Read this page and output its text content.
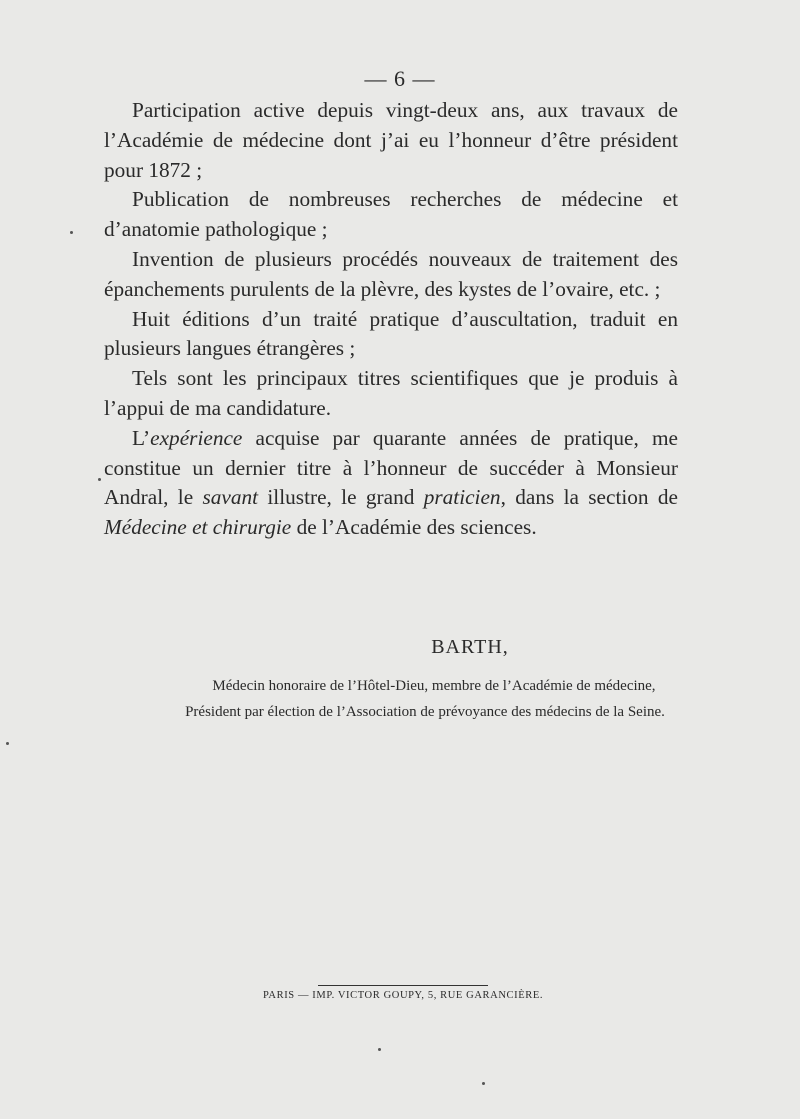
— 6 —

Participation active depuis vingt-deux ans, aux travaux de l’Académie de médecine dont j’ai eu l’honneur d’être président pour 1872 ;

Publication de nombreuses recherches de médecine et d’anatomie pathologique ;

Invention de plusieurs procédés nouveaux de traitement des épanchements purulents de la plèvre, des kystes de l’ovaire, etc. ;

Huit éditions d’un traité pratique d’auscultation, traduit en plusieurs langues étrangères ;

Tels sont les principaux titres scientifiques que je produis à l’appui de ma candidature.

L’expérience acquise par quarante années de pratique, me constitue un dernier titre à l’honneur de succéder à Monsieur Andral, le savant illustre, le grand praticien, dans la section de Médecine et chirurgie de l’Académie des sciences.

BARTH,
Médecin honoraire de l’Hôtel-Dieu, membre de l’Académie de médecine,
Président par élection de l’Association de prévoyance des médecins de la Seine.
PARIS — IMP. VICTOR GOUPY, 5, RUE GARANCIÈRE.
